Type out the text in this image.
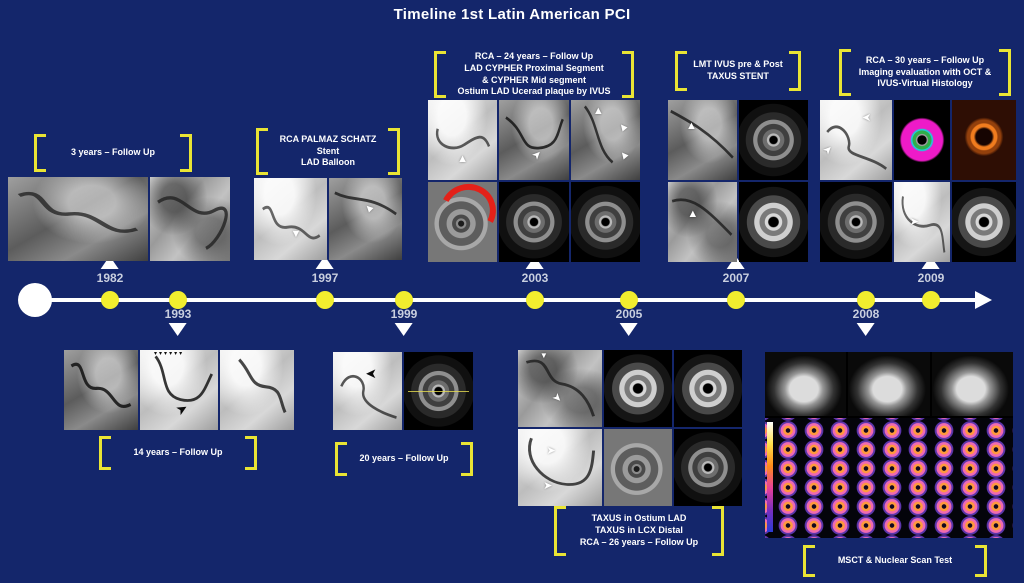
Timeline 1st Latin American PCI
1982
1993
1997
1999
2003
2005
2007
2008
2009
3 years – Follow Up
RCA PALMAZ SCHATZ
Stent
LAD Balloon
RCA – 24 years – Follow Up
LAD CYPHER Proximal Segment
& CYPHER Mid segment
Ostium LAD Ucerad plaque by IVUS
LMT IVUS pre & Post
TAXUS STENT
RCA – 30 years – Follow Up
Imaging evaluation with OCT &
IVUS-Virtual Histology
14 years – Follow Up
20 years – Follow Up
TAXUS in Ostium LAD
TAXUS in LCX Distal
RCA – 26 years – Follow Up
MSCT & Nuclear Scan Test
▼
▲
▲	➤
▲
▲
▲
▲
▲
➤
➤
➤
▾▾▾▾▾▾
➤
➤
▼
➤
➤
➤
